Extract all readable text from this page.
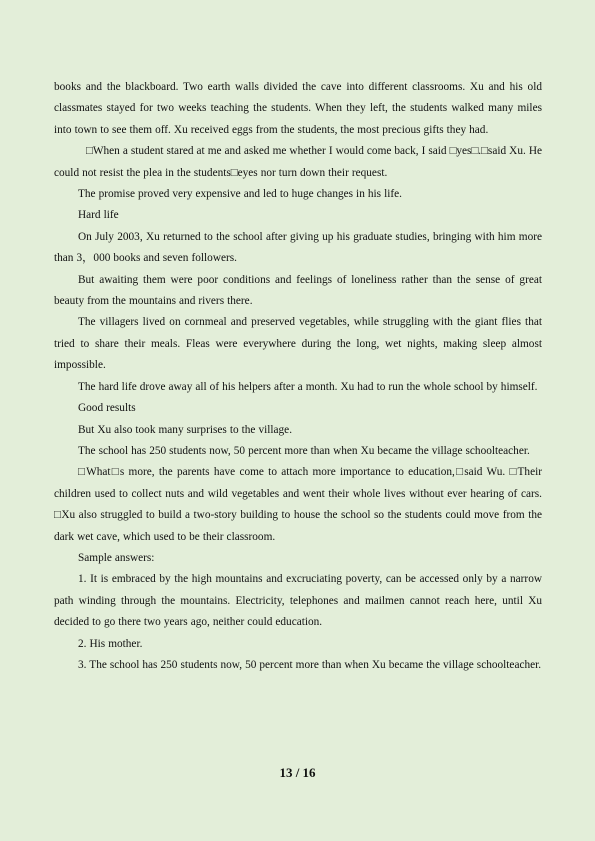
books and the blackboard. Two earth walls divided the cave into different classrooms. Xu and his old classmates stayed for two weeks teaching the students. When they left, the students walked many miles into town to see them off. Xu received eggs from the students, the most precious gifts they had.

□When a student stared at me and asked me whether I would come back, I said □yes□.□said Xu. He could not resist the plea in the students□eyes nor turn down their request.

The promise proved very expensive and led to huge changes in his life.

Hard life

On July 2003, Xu returned to the school after giving up his graduate studies, bringing with him more than 3，000 books and seven followers.

But awaiting them were poor conditions and feelings of loneliness rather than the sense of great beauty from the mountains and rivers there.

The villagers lived on cornmeal and preserved vegetables, while struggling with the giant flies that tried to share their meals. Fleas were everywhere during the long, wet nights, making sleep almost impossible.

The hard life drove away all of his helpers after a month. Xu had to run the whole school by himself.

Good results

But Xu also took many surprises to the village.

The school has 250 students now, 50 percent more than when Xu became the village schoolteacher.

□What□s more, the parents have come to attach more importance to education,□said Wu. □Their children used to collect nuts and wild vegetables and went their whole lives without ever hearing of cars. □Xu also struggled to build a two-story building to house the school so the students could move from the dark wet cave, which used to be their classroom.

Sample answers:

1. It is embraced by the high mountains and excruciating poverty, can be accessed only by a narrow path winding through the mountains. Electricity, telephones and mailmen cannot reach here, until Xu decided to go there two years ago, neither could education.

2. His mother.

3. The school has 250 students now, 50 percent more than when Xu became the village schoolteacher.

13 / 16
